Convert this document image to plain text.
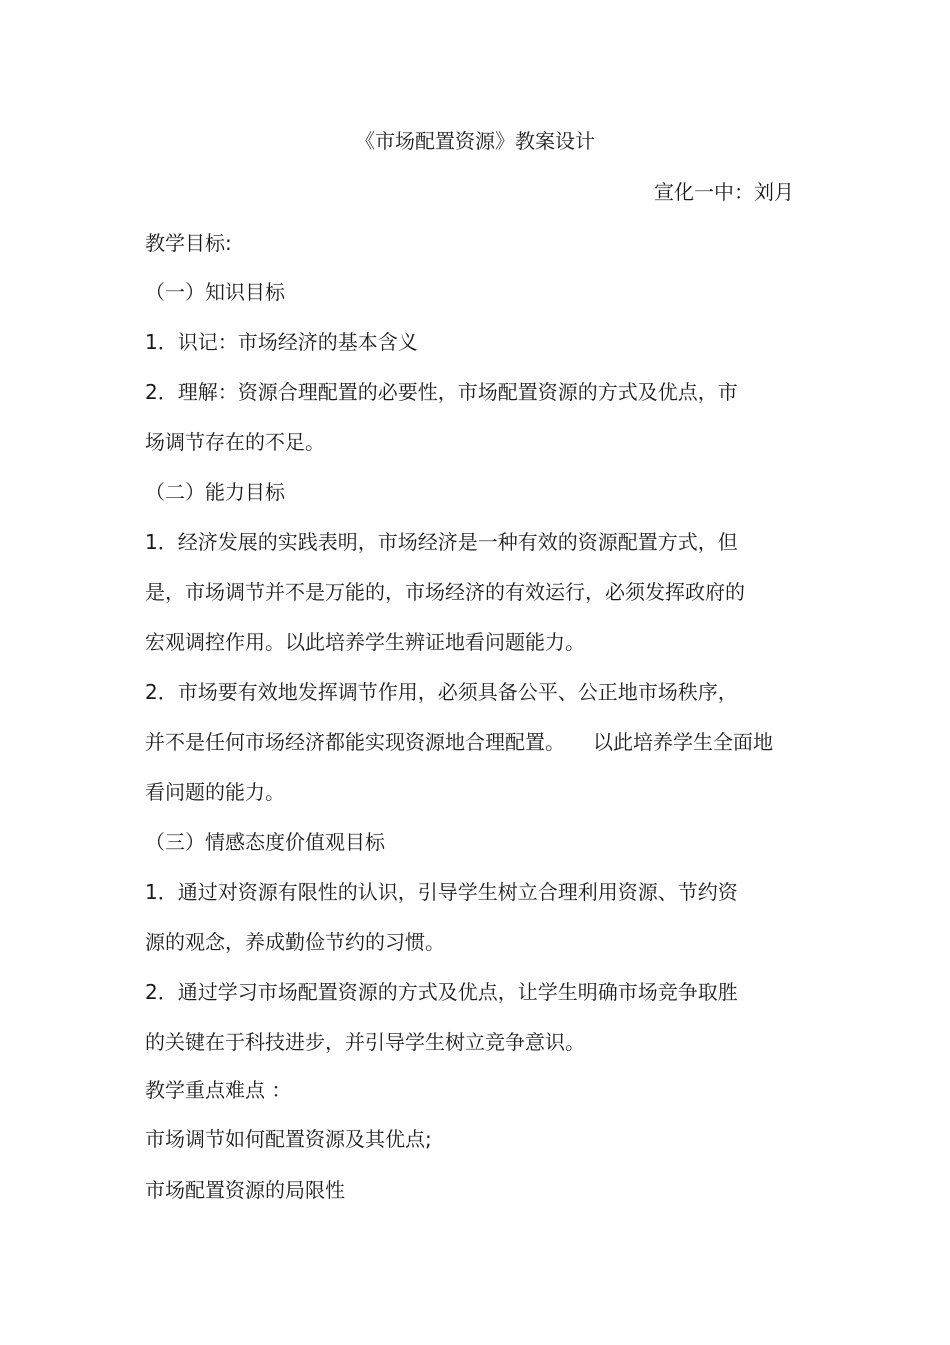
《市场配置资源》教案设计
宣化一中：刘月
教学目标:
（一）知识目标
1．识记：市场经济的基本含义
2．理解：资源合理配置的必要性，市场配置资源的方式及优点，市
场调节存在的不足。
（二）能力目标
1．经济发展的实践表明，市场经济是一种有效的资源配置方式，但
是，市场调节并不是万能的，市场经济的有效运行，必须发挥政府的
宏观调控作用。以此培养学生辨证地看问题能力。
2．市场要有效地发挥调节作用，必须具备公平、公正地市场秩序，
并不是任何市场经济都能实现资源地合理配置。 以此培养学生全面地
看问题的能力。
（三）情感态度价值观目标
1．通过对资源有限性的认识，引导学生树立合理利用资源、节约资
源的观念，养成勤俭节约的习惯。
2．通过学习市场配置资源的方式及优点，让学生明确市场竞争取胜
的关键在于科技进步，并引导学生树立竞争意识。
教学重点难点 ：
市场调节如何配置资源及其优点;
市场配置资源的局限性
